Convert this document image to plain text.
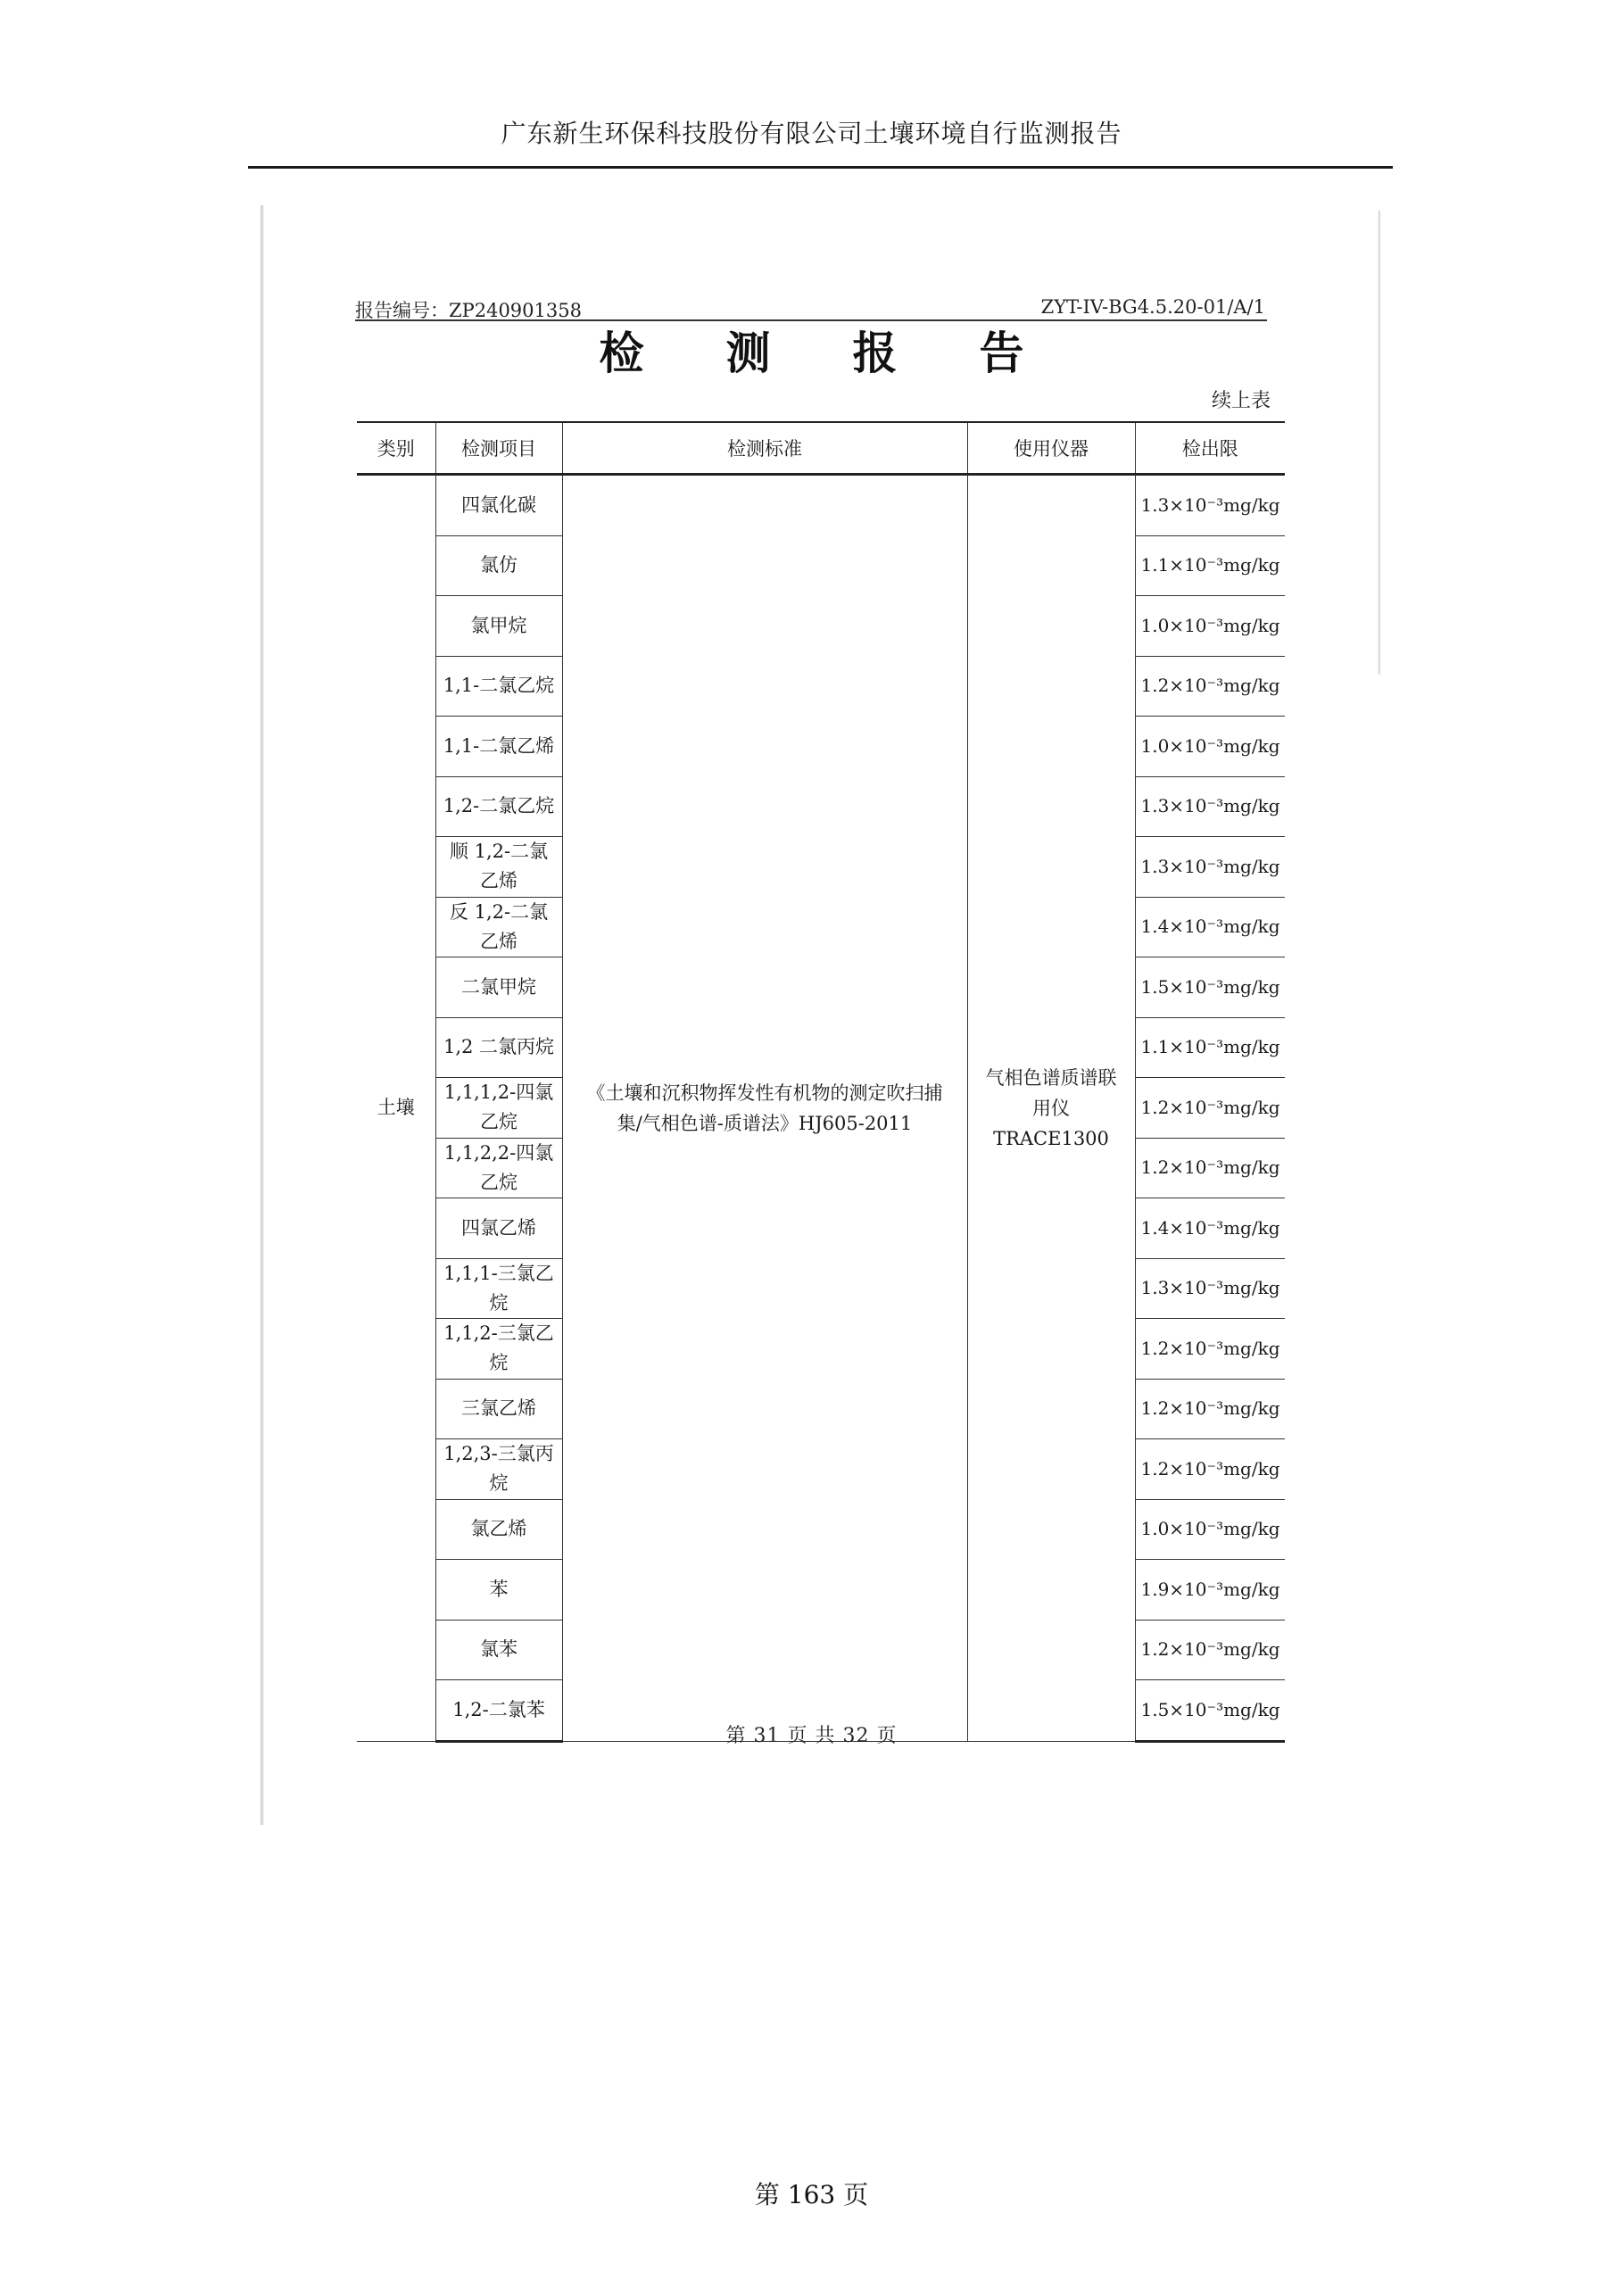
广东新生环保科技股份有限公司土壤环境自行监测报告
报告编号：ZP240901358	ZYT-IV-BG4.5.20-01/A/1
检测报告
续上表
类别	检测项目	检测标准	使用仪器	检出限
土壤	四氯化碳	《土壤和沉积物挥发性有机物的测定吹扫捕集/气相色谱-质谱法》HJ605-2011	气相色谱质谱联用仪TRACE1300	1.3×10⁻³mg/kg
	氯仿			1.1×10⁻³mg/kg
	氯甲烷			1.0×10⁻³mg/kg
	1,1-二氯乙烷			1.2×10⁻³mg/kg
	1,1-二氯乙烯			1.0×10⁻³mg/kg
	1,2-二氯乙烷			1.3×10⁻³mg/kg
	顺 1,2-二氯乙烯			1.3×10⁻³mg/kg
	反 1,2-二氯乙烯			1.4×10⁻³mg/kg
	二氯甲烷			1.5×10⁻³mg/kg
	1,2 二氯丙烷			1.1×10⁻³mg/kg
	1,1,1,2-四氯乙烷			1.2×10⁻³mg/kg
	1,1,2,2-四氯乙烷			1.2×10⁻³mg/kg
	四氯乙烯			1.4×10⁻³mg/kg
	1,1,1-三氯乙烷			1.3×10⁻³mg/kg
	1,1,2-三氯乙烷			1.2×10⁻³mg/kg
	三氯乙烯			1.2×10⁻³mg/kg
	1,2,3-三氯丙烷			1.2×10⁻³mg/kg
	氯乙烯			1.0×10⁻³mg/kg
	苯			1.9×10⁻³mg/kg
	氯苯			1.2×10⁻³mg/kg
	1,2-二氯苯			1.5×10⁻³mg/kg
第 31 页 共 32 页
第 163 页
